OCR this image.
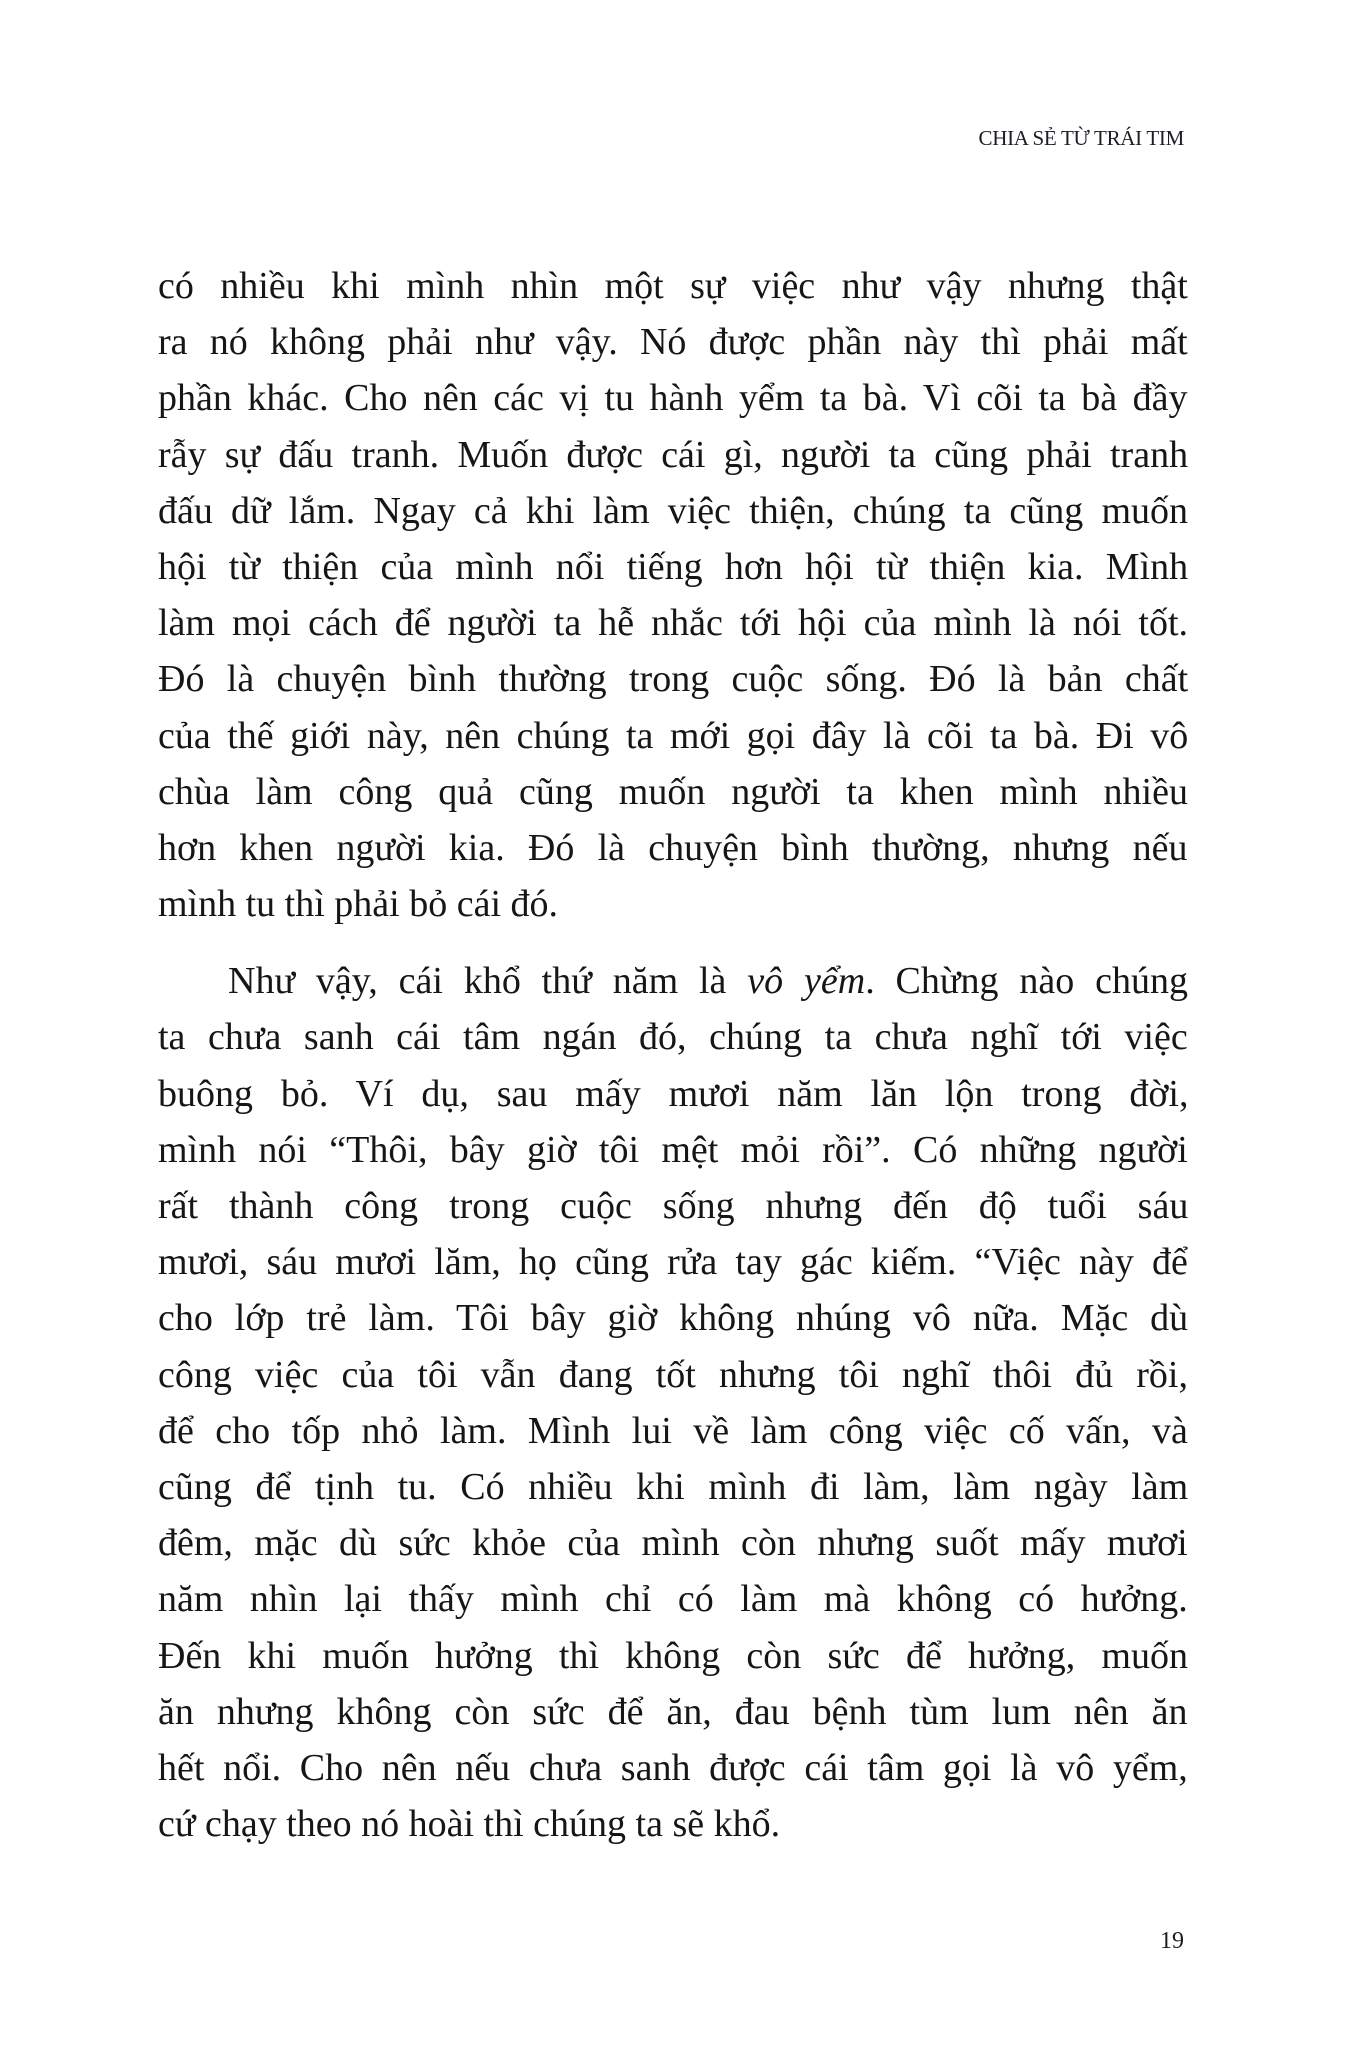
CHIA SẺ TỪ TRÁI TIM
có nhiều khi mình nhìn một sự việc như vậy nhưng thật
ra nó không phải như vậy. Nó được phần này thì phải mất
phần khác. Cho nên các vị tu hành yểm ta bà. Vì cõi ta bà đầy
rẫy sự đấu tranh. Muốn được cái gì, người ta cũng phải tranh
đấu dữ lắm. Ngay cả khi làm việc thiện, chúng ta cũng muốn
hội từ thiện của mình nổi tiếng hơn hội từ thiện kia. Mình
làm mọi cách để người ta hễ nhắc tới hội của mình là nói tốt.
Đó là chuyện bình thường trong cuộc sống. Đó là bản chất
của thế giới này, nên chúng ta mới gọi đây là cõi ta bà. Đi vô
chùa làm công quả cũng muốn người ta khen mình nhiều
hơn khen người kia. Đó là chuyện bình thường, nhưng nếu
mình tu thì phải bỏ cái đó.
Như vậy, cái khổ thứ năm là vô yểm. Chừng nào chúng
ta chưa sanh cái tâm ngán đó, chúng ta chưa nghĩ tới việc
buông bỏ. Ví dụ, sau mấy mươi năm lăn lộn trong đời,
mình nói “Thôi, bây giờ tôi mệt mỏi rồi”. Có những người
rất thành công trong cuộc sống nhưng đến độ tuổi sáu
mươi, sáu mươi lăm, họ cũng rửa tay gác kiếm. “Việc này để
cho lớp trẻ làm. Tôi bây giờ không nhúng vô nữa. Mặc dù
công việc của tôi vẫn đang tốt nhưng tôi nghĩ thôi đủ rồi,
để cho tốp nhỏ làm. Mình lui về làm công việc cố vấn, và
cũng để tịnh tu. Có nhiều khi mình đi làm, làm ngày làm
đêm, mặc dù sức khỏe của mình còn nhưng suốt mấy mươi
năm nhìn lại thấy mình chỉ có làm mà không có hưởng.
Đến khi muốn hưởng thì không còn sức để hưởng, muốn
ăn nhưng không còn sức để ăn, đau bệnh tùm lum nên ăn
hết nổi. Cho nên nếu chưa sanh được cái tâm gọi là vô yểm,
cứ chạy theo nó hoài thì chúng ta sẽ khổ.
19
